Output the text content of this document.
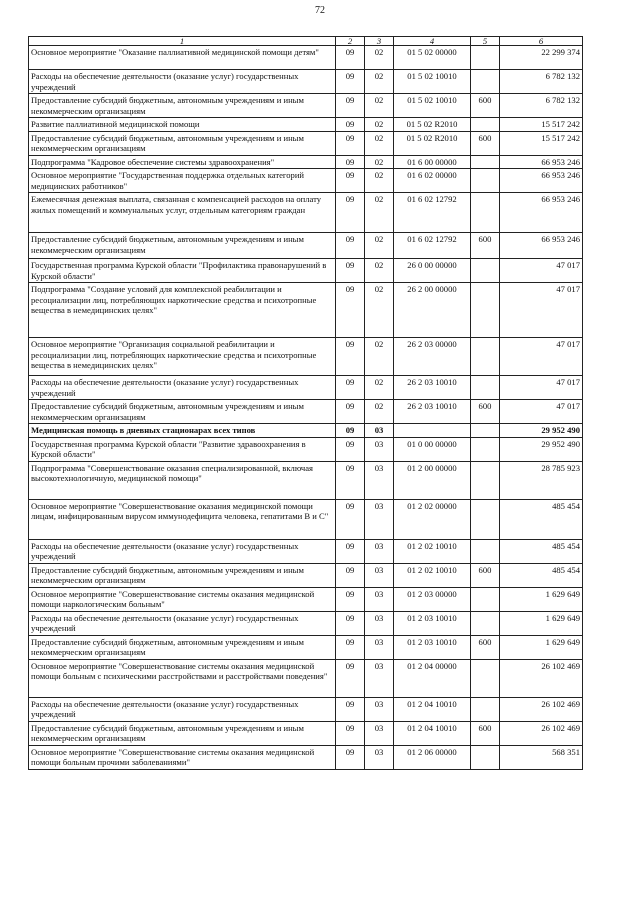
72
1	2	3	4	5	6
Основное мероприятие "Оказание паллиативной медицинской помощи детям"	09	02	01 5 02 00000		22 299 374
Расходы на обеспечение деятельности (оказание услуг) государственных учреждений	09	02	01 5 02 10010		6 782 132
Предоставление субсидий бюджетным, автономным учреждениям и иным некоммерческим организациям	09	02	01 5 02 10010	600	6 782 132
Развитие паллиативной медицинской помощи	09	02	01 5 02 R2010		15 517 242
Предоставление субсидий бюджетным, автономным учреждениям и иным некоммерческим организациям	09	02	01 5 02 R2010	600	15 517 242
Подпрограмма "Кадровое обеспечение системы здравоохранения"	09	02	01 6 00 00000		66 953 246
Основное мероприятие "Государственная поддержка отдельных категорий медицинских работников"	09	02	01 6 02 00000		66 953 246
Ежемесячная денежная выплата, связанная с компенсацией расходов на оплату жилых помещений и коммунальных услуг, отдельным категориям граждан	09	02	01 6 02 12792		66 953 246
Предоставление субсидий бюджетным, автономным учреждениям и иным некоммерческим организациям	09	02	01 6 02 12792	600	66 953 246
Государственная программа Курской области "Профилактика правонарушений в Курской области"	09	02	26 0 00 00000		47 017
Подпрограмма "Создание условий для комплексной реабилитации и ресоциализации лиц, потребляющих наркотические средства и психотропные вещества в немедицинских целях"	09	02	26 2 00 00000		47 017
Основное мероприятие "Организация социальной реабилитации и ресоциализации лиц, потребляющих наркотические средства и психотропные вещества в немедицинских целях"	09	02	26 2 03 00000		47 017
Расходы на обеспечение деятельности (оказание услуг) государственных учреждений	09	02	26 2 03 10010		47 017
Предоставление субсидий бюджетным, автономным учреждениям и иным некоммерческим организациям	09	02	26 2 03 10010	600	47 017
Медицинская помощь в дневных стационарах всех типов	09	03			29 952 490
Государственная программа Курской области "Развитие здравоохранения в Курской области"	09	03	01 0 00 00000		29 952 490
Подпрограмма "Совершенствование оказания специализированной, включая высокотехнологичную, медицинской помощи"	09	03	01 2 00 00000		28 785 923
Основное мероприятие "Совершенствование оказания медицинской помощи лицам, инфицированным вирусом иммунодефицита человека, гепатитами В и С"	09	03	01 2 02 00000		485 454
Расходы на обеспечение деятельности (оказание услуг) государственных учреждений	09	03	01 2 02 10010		485 454
Предоставление субсидий бюджетным, автономным учреждениям и иным некоммерческим организациям	09	03	01 2 02 10010	600	485 454
Основное мероприятие "Совершенствование системы оказания медицинской помощи наркологическим больным"	09	03	01 2 03 00000		1 629 649
Расходы на обеспечение деятельности (оказание услуг) государственных учреждений	09	03	01 2 03 10010		1 629 649
Предоставление субсидий бюджетным, автономным учреждениям и иным некоммерческим организациям	09	03	01 2 03 10010	600	1 629 649
Основное мероприятие "Совершенствование системы оказания медицинской помощи больным с психическими расстройствами и расстройствами поведения"	09	03	01 2 04 00000		26 102 469
Расходы на обеспечение деятельности (оказание услуг) государственных учреждений	09	03	01 2 04 10010		26 102 469
Предоставление субсидий бюджетным, автономным учреждениям и иным некоммерческим организациям	09	03	01 2 04 10010	600	26 102 469
Основное мероприятие "Совершенствование системы оказания медицинской помощи больным прочими заболеваниями"	09	03	01 2 06 00000		568 351
